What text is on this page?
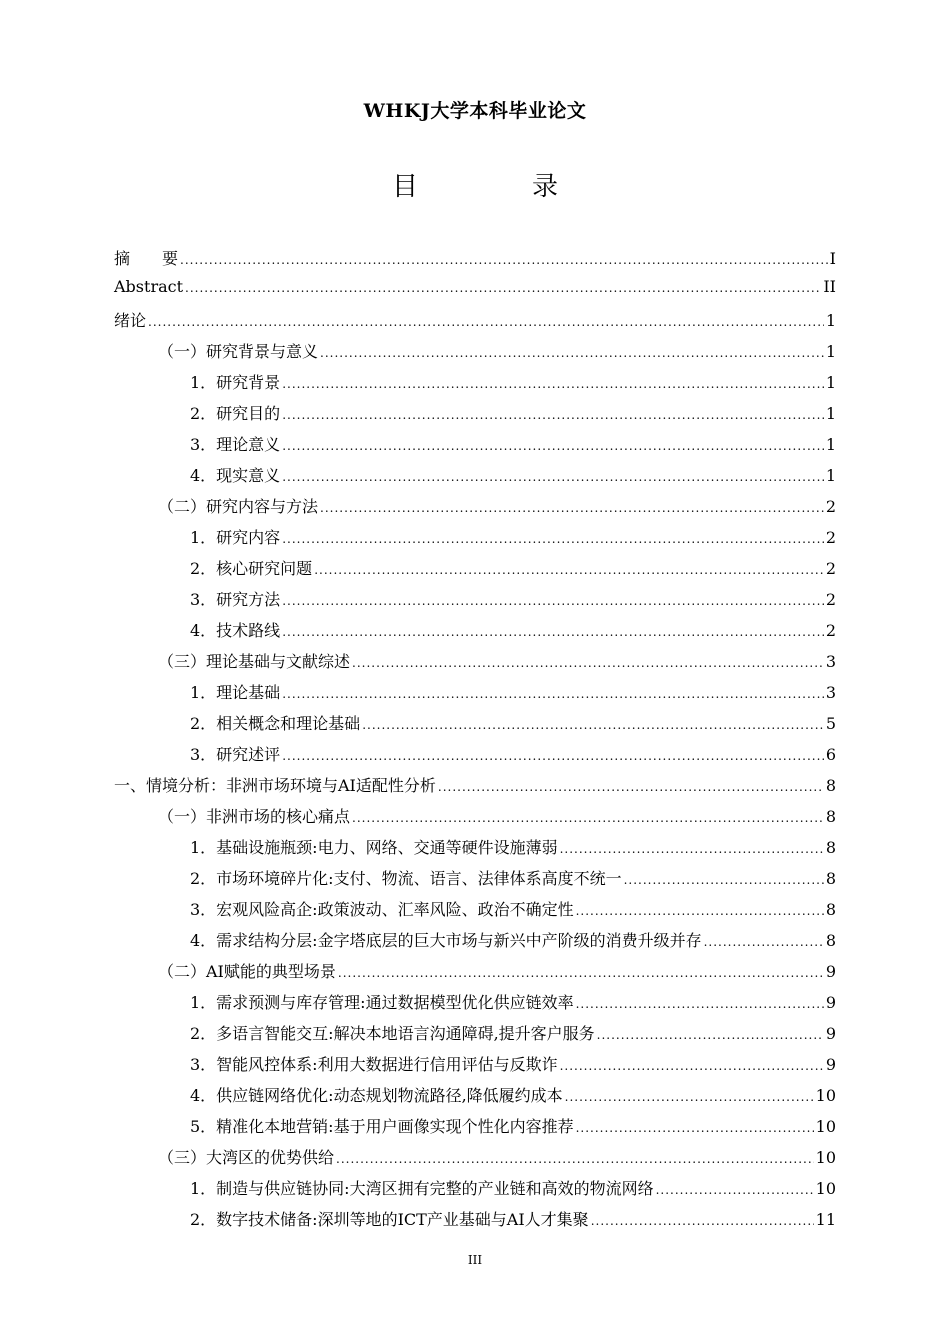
WHKJ大学本科毕业论文
目　录
摘　　要 .....	I
Abstract .....	II
绪论 .....	1
（一）研究背景与意义 .....	1
1．研究背景 .....	1
2．研究目的 .....	1
3．理论意义 .....	1
4．现实意义 .....	1
（二）研究内容与方法 .....	2
1．研究内容 .....	2
2．核心研究问题 .....	2
3．研究方法 .....	2
4．技术路线 .....	2
（三）理论基础与文献综述 .....	3
1．理论基础 .....	3
2．相关概念和理论基础 .....	5
3．研究述评 .....	6
一、情境分析：非洲市场环境与AI适配性分析 .....	8
（一）非洲市场的核心痛点 .....	8
1．基础设施瓶颈:电力、网络、交通等硬件设施薄弱 .....	8
2．市场环境碎片化:支付、物流、语言、法律体系高度不统一 .....	8
3．宏观风险高企:政策波动、汇率风险、政治不确定性 .....	8
4．需求结构分层:金字塔底层的巨大市场与新兴中产阶级的消费升级并存 .....	8
（二）AI赋能的典型场景 .....	9
1．需求预测与库存管理:通过数据模型优化供应链效率 .....	9
2．多语言智能交互:解决本地语言沟通障碍,提升客户服务 .....	9
3．智能风控体系:利用大数据进行信用评估与反欺诈 .....	9
4．供应链网络优化:动态规划物流路径,降低履约成本 .....	10
5．精准化本地营销:基于用户画像实现个性化内容推荐 .....	10
（三）大湾区的优势供给 .....	10
1．制造与供应链协同:大湾区拥有完整的产业链和高效的物流网络 .....	10
2．数字技术储备:深圳等地的ICT产业基础与AI人才集聚 .....	11
III
